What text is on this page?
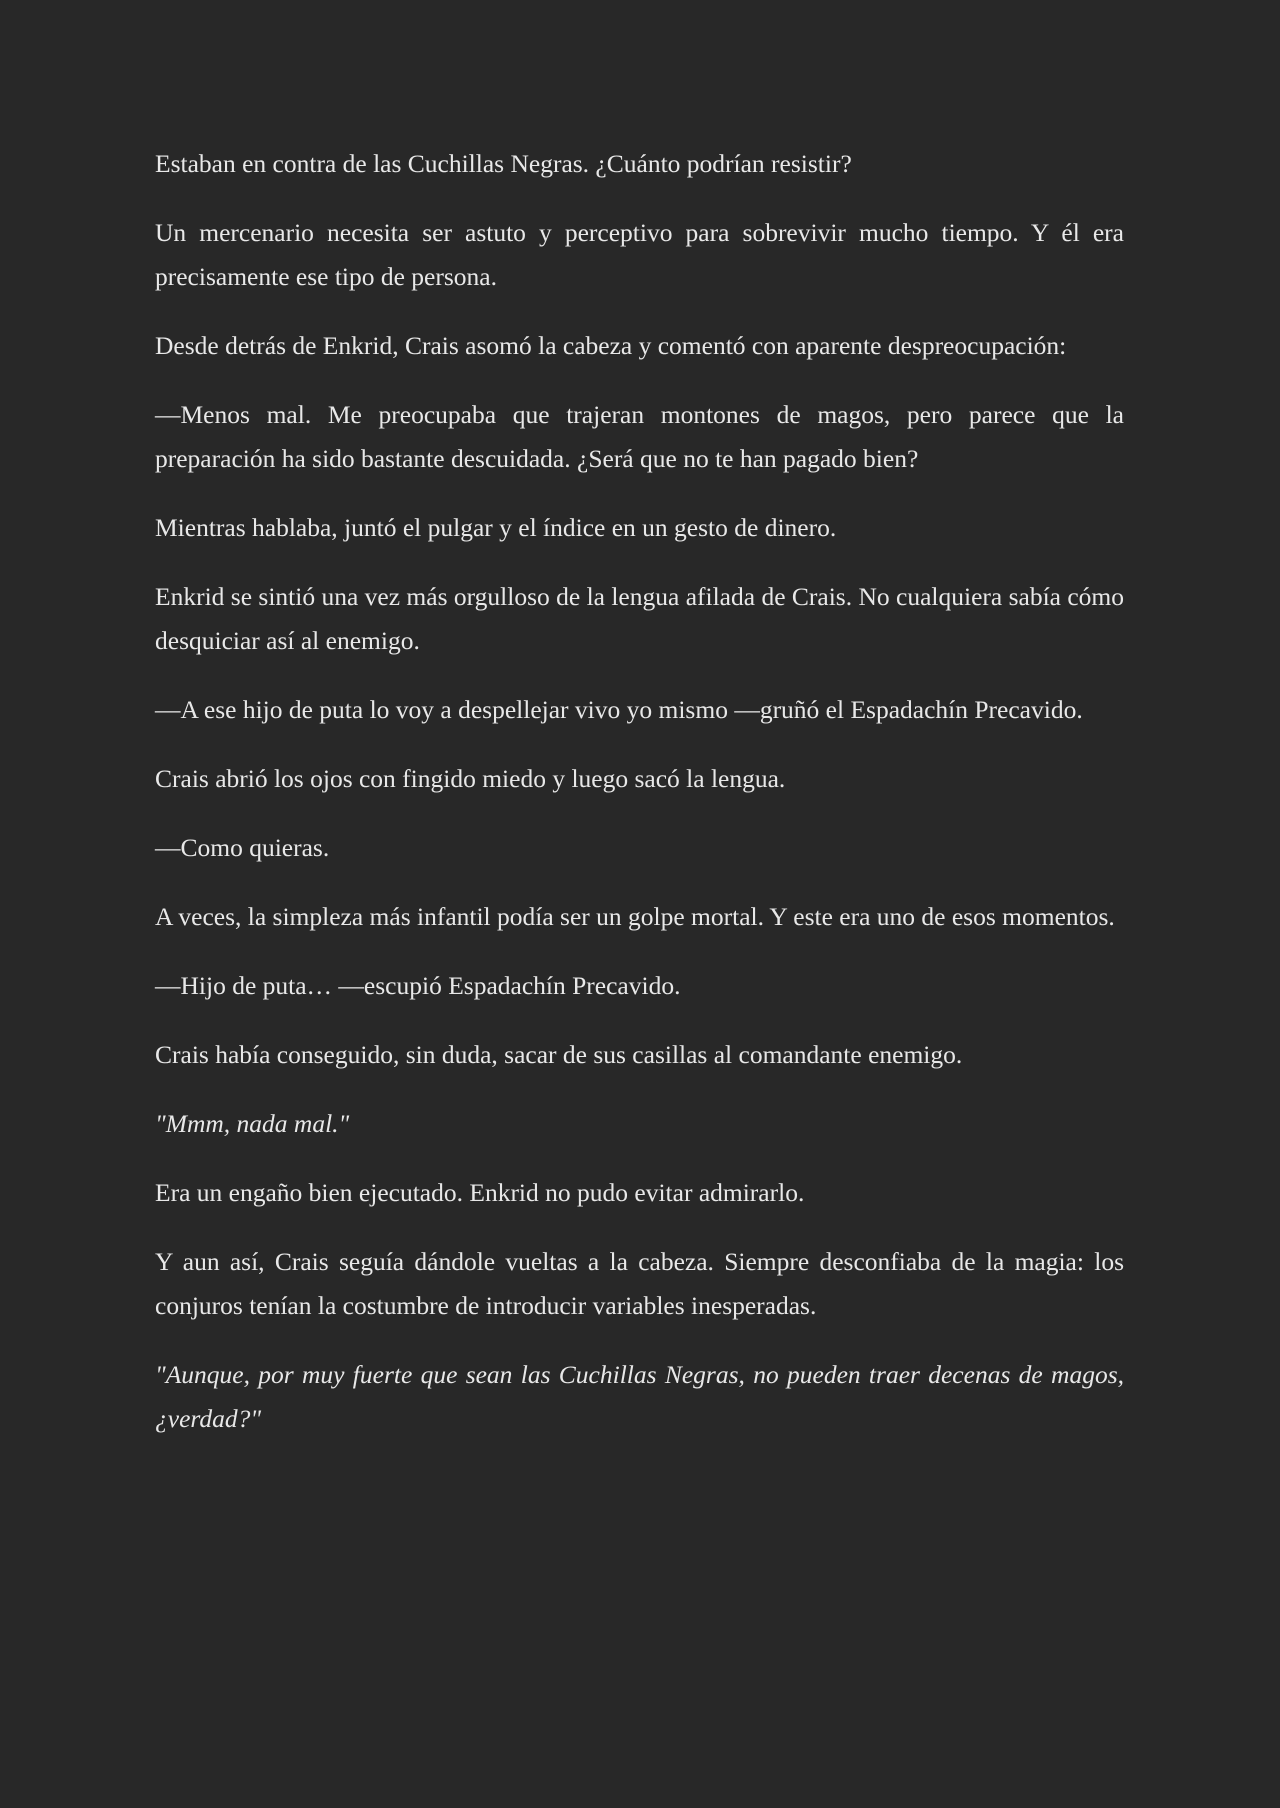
Estaban en contra de las Cuchillas Negras. ¿Cuánto podrían resistir?

Un mercenario necesita ser astuto y perceptivo para sobrevivir mucho tiempo. Y él era precisamente ese tipo de persona.

Desde detrás de Enkrid, Crais asomó la cabeza y comentó con aparente despreocupación:

—Menos mal. Me preocupaba que trajeran montones de magos, pero parece que la preparación ha sido bastante descuidada. ¿Será que no te han pagado bien?

Mientras hablaba, juntó el pulgar y el índice en un gesto de dinero.

Enkrid se sintió una vez más orgulloso de la lengua afilada de Crais. No cualquiera sabía cómo desquiciar así al enemigo.

—A ese hijo de puta lo voy a despellejar vivo yo mismo —gruñó el Espadachín Precavido.

Crais abrió los ojos con fingido miedo y luego sacó la lengua.

—Como quieras.

A veces, la simpleza más infantil podía ser un golpe mortal. Y este era uno de esos momentos.

—Hijo de puta… —escupió Espadachín Precavido.

Crais había conseguido, sin duda, sacar de sus casillas al comandante enemigo.

"Mmm, nada mal."

Era un engaño bien ejecutado. Enkrid no pudo evitar admirarlo.

Y aun así, Crais seguía dándole vueltas a la cabeza. Siempre desconfiaba de la magia: los conjuros tenían la costumbre de introducir variables inesperadas.

"Aunque, por muy fuerte que sean las Cuchillas Negras, no pueden traer decenas de magos, ¿verdad?"
